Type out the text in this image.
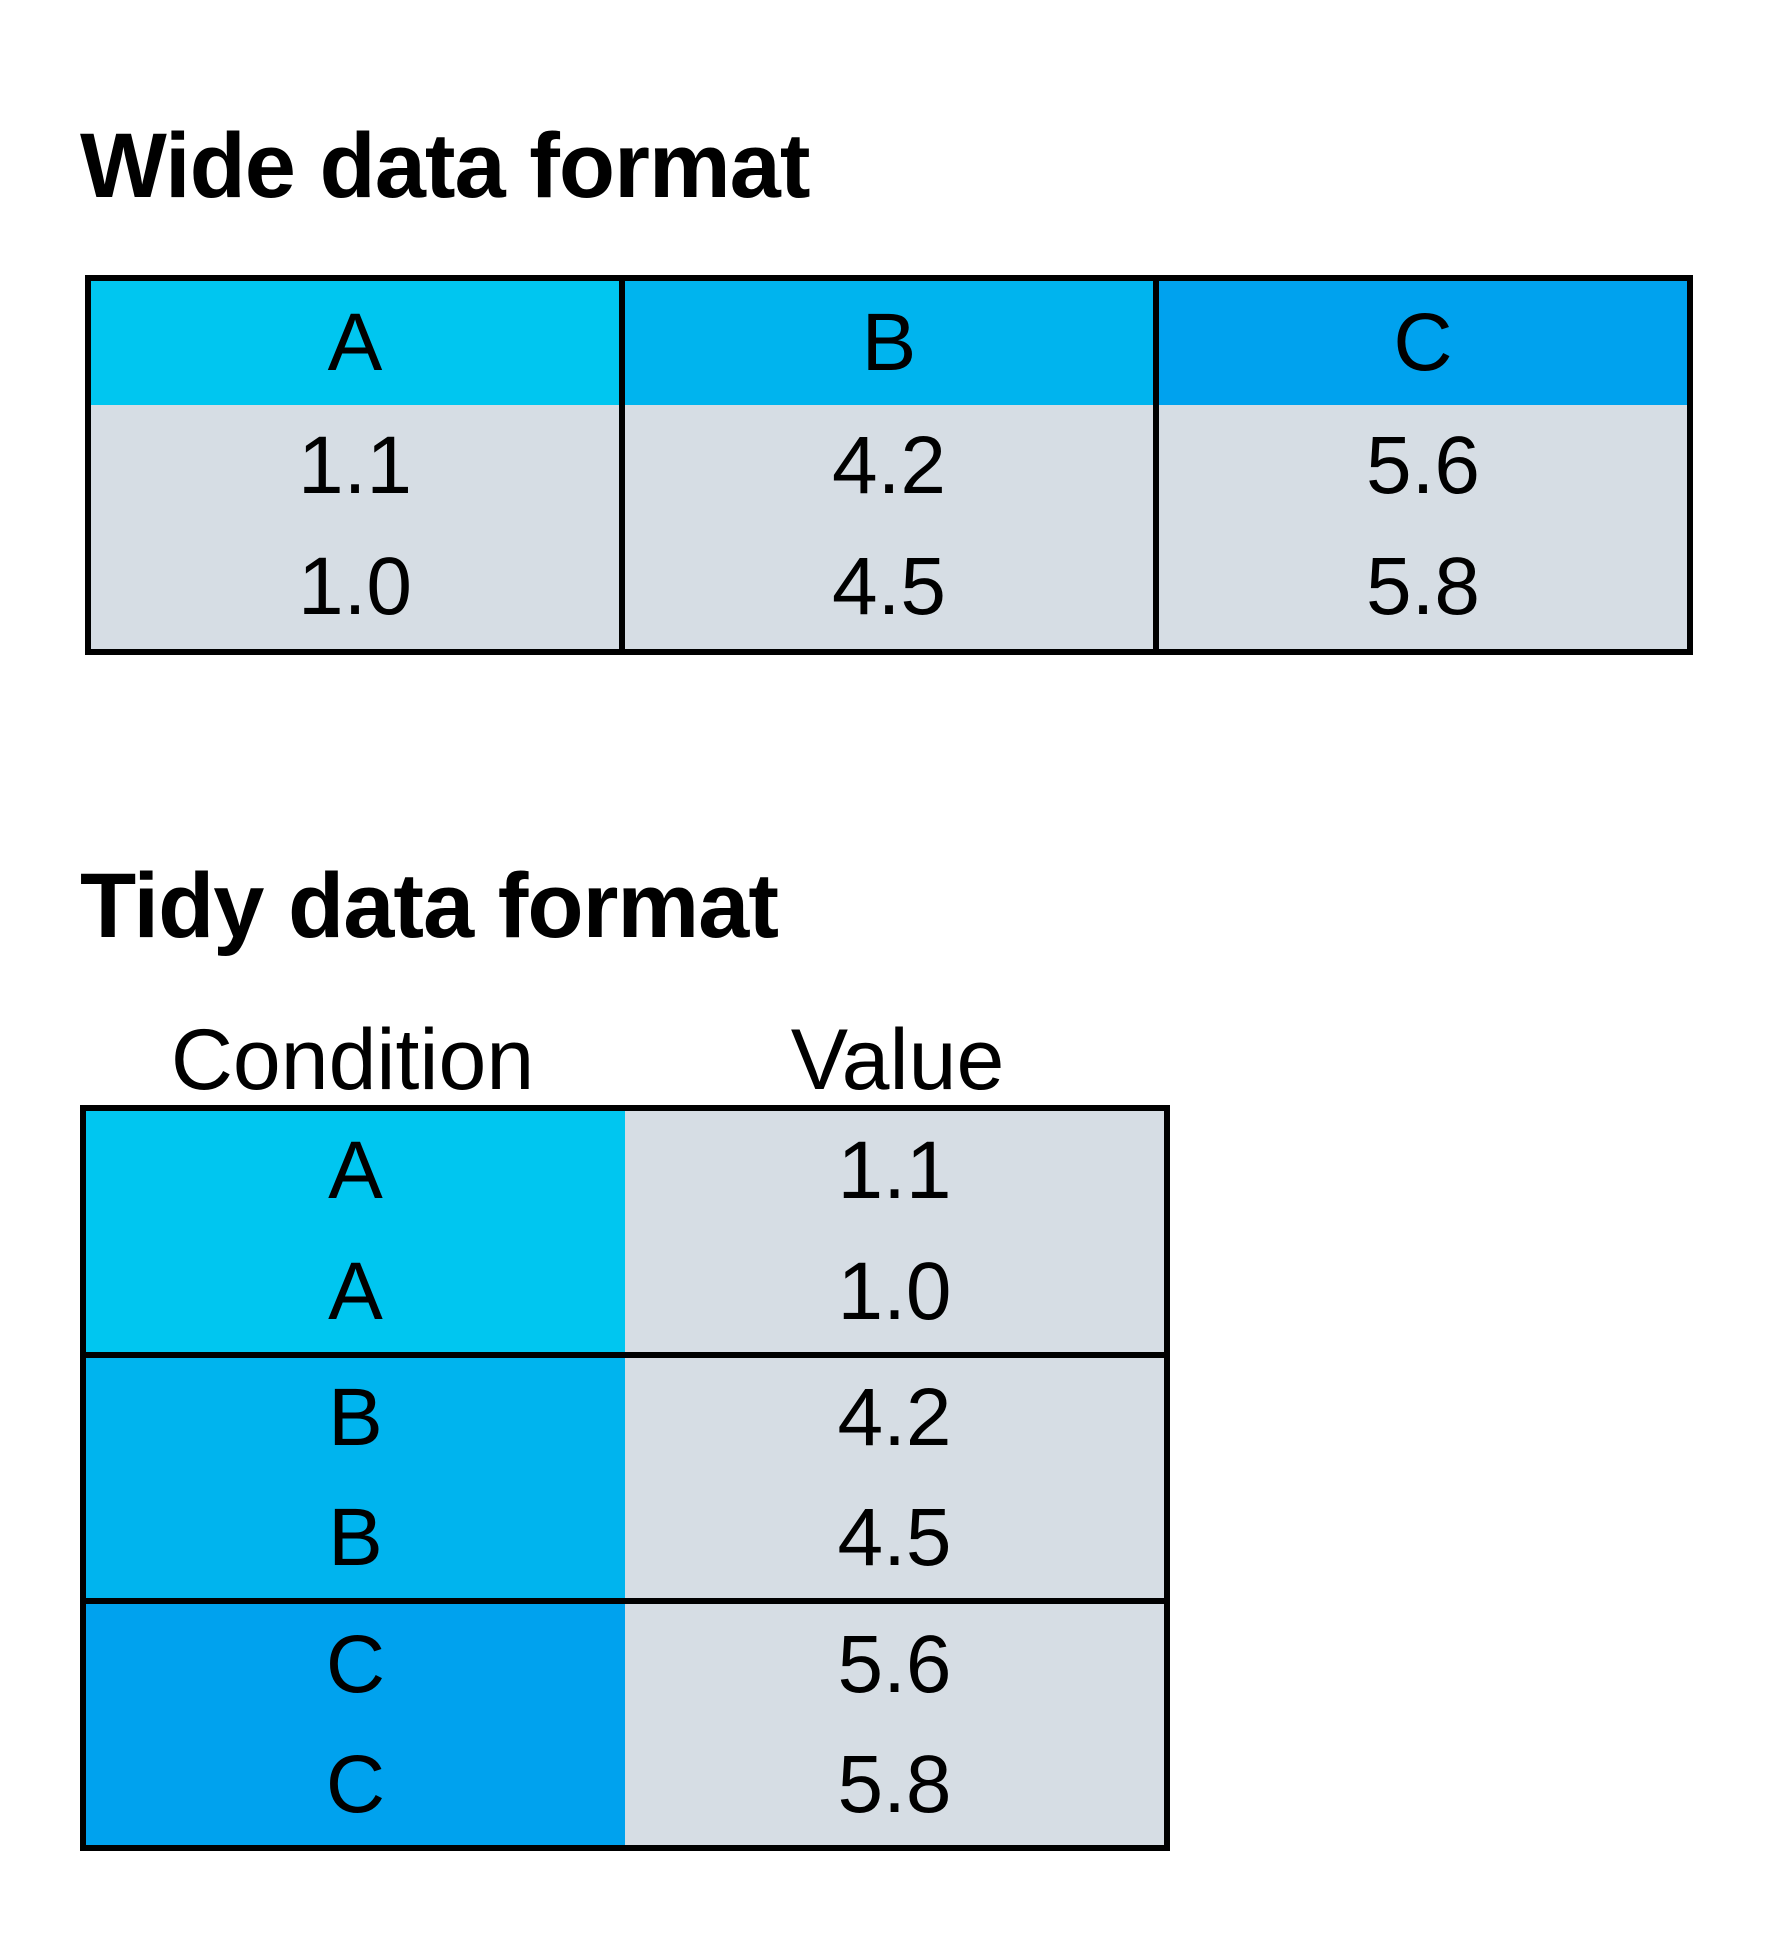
Wide data format
A
1.1
1.0
B
4.2
4.5
C
5.6
5.8
Tidy data format
Condition	Value
A
A
1.1
1.0
B
B
4.2
4.5
C
C
5.6
5.8
